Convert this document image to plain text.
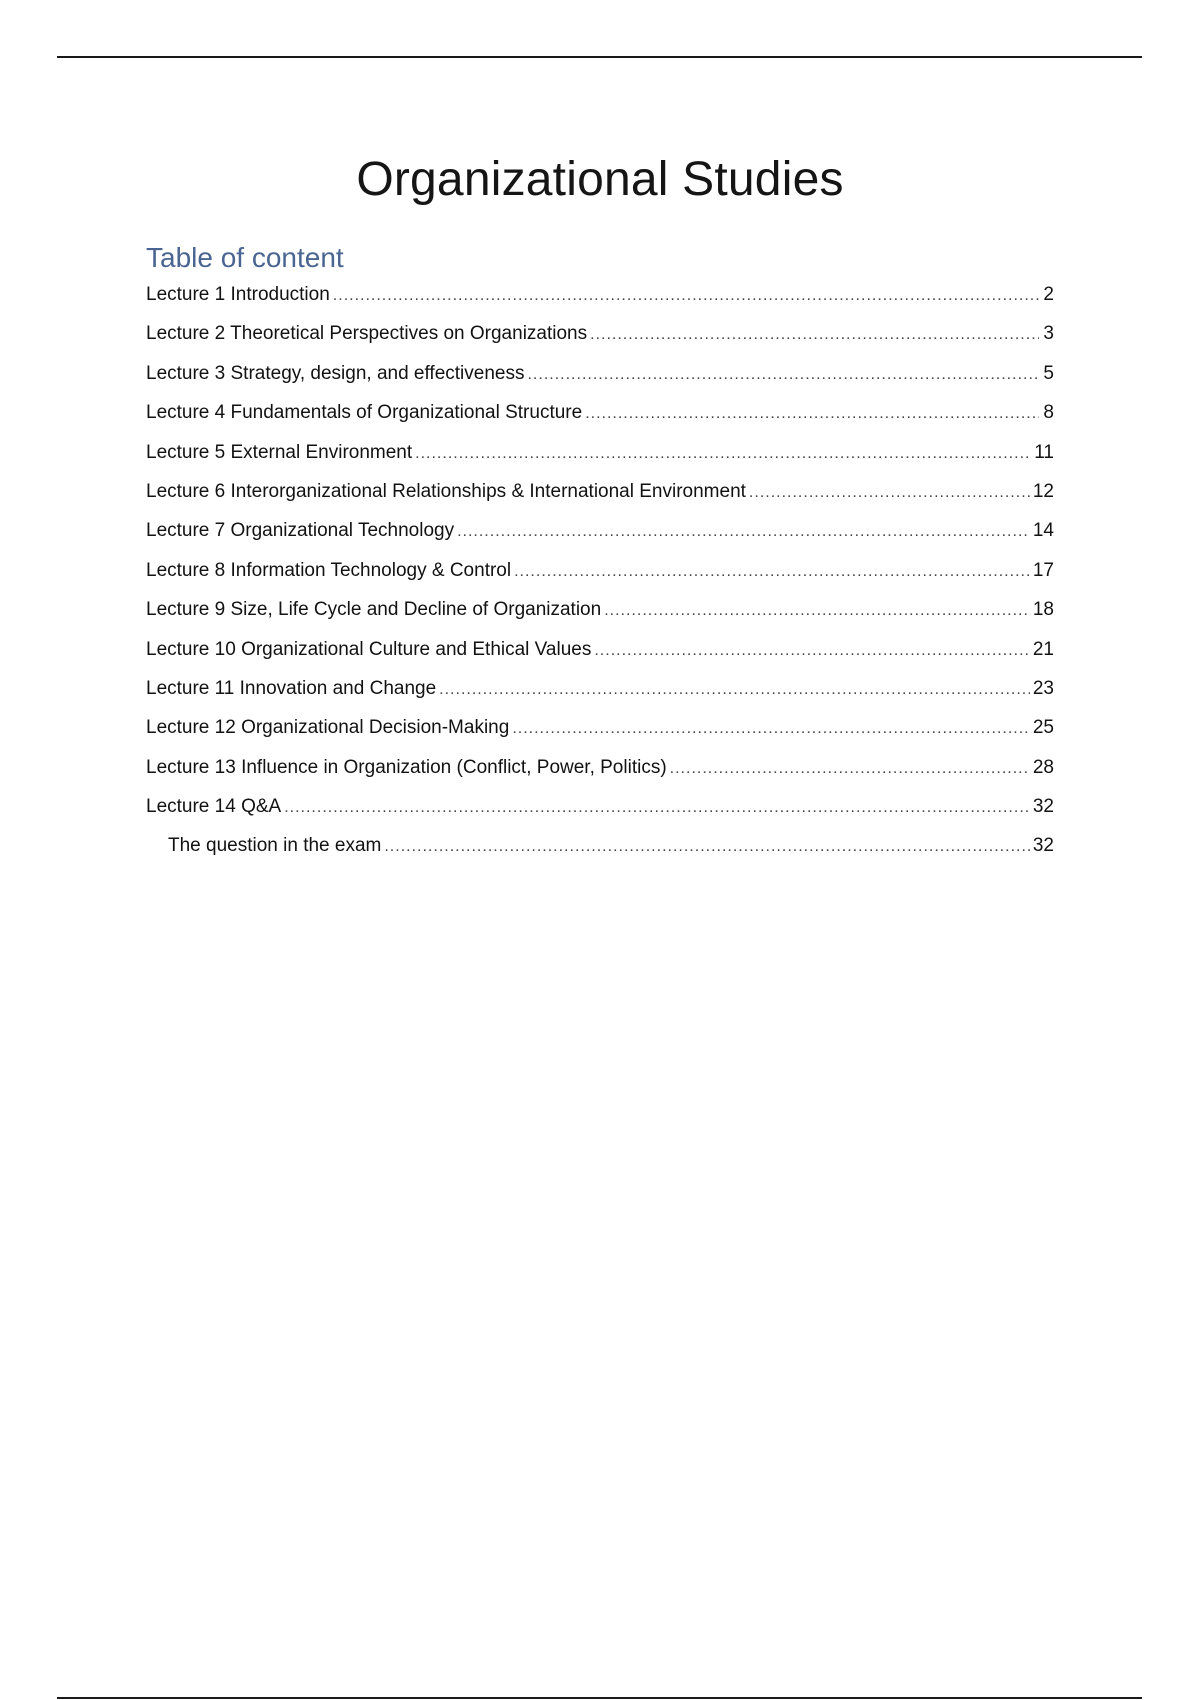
Organizational Studies
Table of content
Lecture 1 Introduction .....	2
Lecture 2 Theoretical Perspectives on Organizations .....	3
Lecture 3 Strategy, design, and effectiveness .....	5
Lecture 4 Fundamentals of Organizational Structure .....	8
Lecture 5 External Environment .....	11
Lecture 6 Interorganizational Relationships & International Environment .....	12
Lecture 7 Organizational Technology .....	14
Lecture 8 Information Technology & Control .....	17
Lecture 9 Size, Life Cycle and Decline of Organization .....	18
Lecture 10 Organizational Culture and Ethical Values .....	21
Lecture 11 Innovation and Change .....	23
Lecture 12 Organizational Decision-Making .....	25
Lecture 13 Influence in Organization (Conflict, Power, Politics) .....	28
Lecture 14 Q&A .....	32
The question in the exam .....	32
